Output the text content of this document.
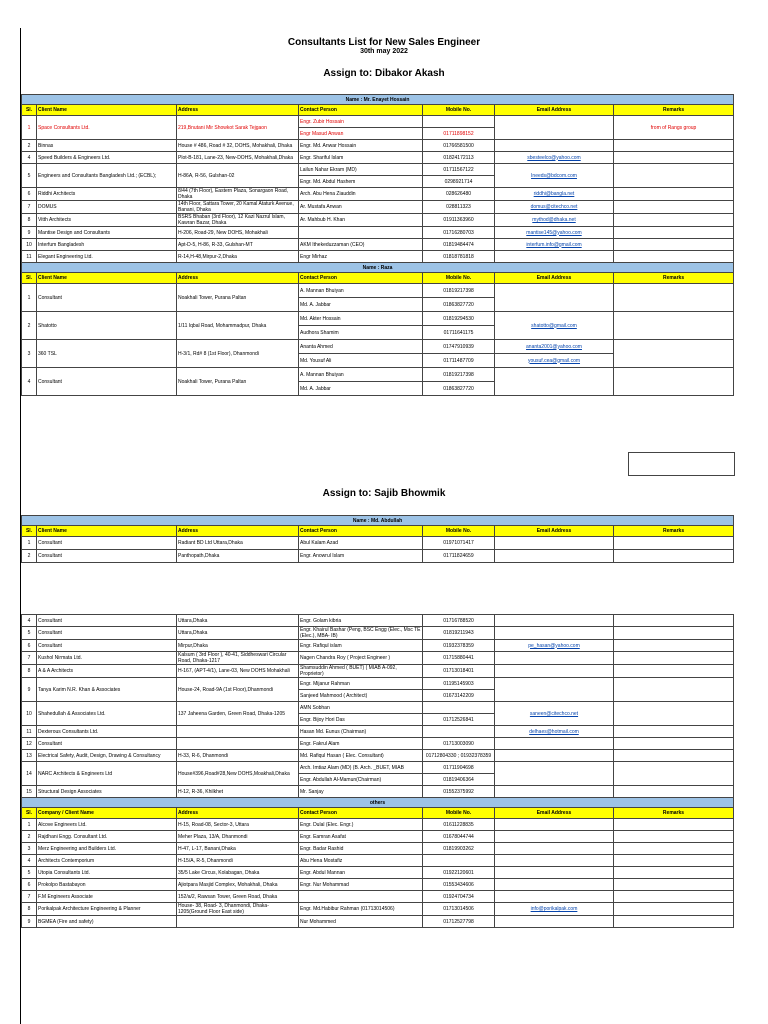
Consultants List for New Sales Engineer
30th may 2022
Assign to: Dibakor Akash
Name : Mr. Enayet Hossain						
Sl.	Client Name	Address	Contact Person	Mobile No.	Email Address	Remarks
1	Space Consultants Ltd.	219,Bnutani Mir Showkot Sarak Tejgaon	Engr. Zubir Hossain			from of Rangs group
			Engr Masud Anwan	01711898152		
2	Binnas	House # 486, Road # 32, DOHS, Mohakhali, Dhaka	Engr. Md. Anwar Hossain	01766581500		
4	Speed Builders & Engineers Ltd.	Plot-B-181, Lane-23, New-DOHS, Mohakhali,Dhaka	Engr. Shariful Islam	01824172113	sbesteelco@yahoo.com	
5	Engineers and Consultants Bangladesh Ltd.; (ECBL);	H-86A, R-56, Gulshan-02	Lailun Nahar Ekram (MD)	01711567122	Ineeds@bdcom.com	
			Engr. Md. Abdul Hashem	0298921714		
6	Riddhi Architects	8/44 (7th Floor), Eastern Plaza, Sonargaon Road, Dhaka	Arch. Abu Hena Ziauddin	028626480	riddhi@bangla.net	
7	DOMUS	14th Floor, Sattara Tower, 20 Kamal Ataturk Avenue, Banani, Dhaka	Ar. Mustafa Anwan	028811323	domus@citechco.net	
8	Vitth Architects	BSRS Bhaban (3rd Floor), 12 Kazi Nazrul Islam, Kawran Bazar, Dhaka	Ar. Mahbub H. Khan	01911363960	mythod@dhaka.net	
9	Mantise Design and Consultants	H-206, Road-29, New DOHS, Mohakhali		01716280703	mantise145@yahoo.com	
10	Interfum Bangladesh	Apt-D-5, H-86, R-33, Gulshan-MT	AKM Ithekeduzzaman (CEO)	01819484474	interfum.info@gmail.com	
11	Elegant Engineering Ltd.	R-14,H-48,Mirpur-2,Dhaka	Engr Mirhaz	01818781818		
Name : Raza						
Sl.	Client Name	Address	Contact Person	Mobile No.	Email Address	Remarks
1	Consultant	Noakhali Tower, Purana Paltan	A. Mannan Bhuiyan	01819217398		
			Md. A. Jabbar	01863827720		
2	Shatotto	1/11 Iqbal Road, Mohammadpur, Dhaka	Md. Akter Hossain	01819294530	shatotto@gmail.com	
			Audhora Shamim	01711641175		
3	360 TSL	H-3/1, Rd# 8 (1st Floor), Dhanmondi	Ananta Ahmed	01747910939	ananta2001@yahoo.com	
			Md. Yousuf Ali	01711487709	yousuf.cea@gmail.com	
4	Consultant	Noakhali Tower, Purana Paltan	A. Mannan Bhuiyan	01819217398		
			Md. A. Jabbar	01863827720		
Assign to: Sajib Bhowmik
Name : Md. Abdullah						
Sl.	Client Name	Address	Contact Person	Mobile No.	Email Address	Remarks
1	Consultant	Radiant BD Ltd Uttara,Dhaka	Abul Kalam Azad	01971071417		
2	Consultant	Panthopath,Dhaka	Engr. Anowrul Islam	01711824659		
4	Consultant	Uttara,Dhaka	Engr. Golam kibria	01716788520		
5	Consultant	Uttara,Dhaka	Engr. Khairul Bashar (Peng, BSC Engg (Elec., Msc TE (Elec.), MBA- IB)	01819211943		
6	Consultant	Mirpur,Dhaka	Engr. Rafiqul islam	01932378359	pe_hasan@yahoo.com	
7	Kushol Nirmata Ltd.	Kalsum ( 3rd Floor ), 40-41, Siddheswari Circular Road, Dhaka-1217	Nagen Chandra Roy ( Project Engineer )	01715880441		
8	A & A Architects	H-167, (APT-4/1), Lane-03, New DOHS Mohakhali	Shamsuddin Ahmed ( BUET) ( MIAB A-092, Proprietor)	01713018401		
9	Tanya Karim N.R. Khan & Associates	House-24, Road-9A (1st Floor),Dhanmondi	Engr. Mijanur Rahman	01195145903		
			Sanjeed Mahmood ( Architect)	01673142209		
10	Shahedullah & Associates Ltd.	137 Jaheena Garden, Green Road, Dhaka-1205	AMN Sobhan		saneen@citechco.net	
			Engr. Bijoy Hori Das	01712526841		
11	Dexterous Consultants Ltd.		Hasan Md. Eunus (Chairman)		delhaes@hotmail.com	
12	Consultant		Engr. Fakrul Alam	01713003090		
13	Electrical Safety, Audit, Design, Drawing & Consultancy	H-33, R-6, Dhanmondi	Md. Rafiqul Hasan ( Elec. Consultant)	01712804330 ; 01932378359		
14	NARC Architects & Engineers Ltd	House#396,Road#28,New DOHS,Moakhali,Dhaka	Arch. Imtiaz Alam (MD) (B. Arch. _BUET, MIAB	01711904698		
			Engr. Abdullah Al-Mamun(Chairman)	01819406364		
15	Structural Design Associates	H-12, R-36, Khilkhet	Mr. Sanjay	01552375992		
others						
Sl.	Company / Client Name	Address	Contact Person	Mobile No.	Email Address	Remarks
1	Alcove Engineers Ltd.	H-15, Road-08, Sector-3, Uttara	Engr. Dulal (Elec. Engr.)	01611228835		
2	Rajdhani Engg. Consultant Ltd.	Meher Plaza, 13/A, Dhanmondi	Engr. Eamran Asafat	01678044744		
3	Merz Engineering and Builders Ltd.	H-47, L-17, Banani,Dhaka	Engr. Badar Rashid	01819903262		
4	Architects Contemporium	H-15/A, R-5, Dhanmondi	Abu Hena Mostafiz			
5	Utopia Consultants Ltd.	35/5 Lake Circus, Kolabagan, Dhaka	Engr. Abdul Mannan	01922120601		
6	Prokolpo Bastabayon	Ajiotpara Masjid Complex, Mohakhali, Dhaka	Engr. Nur Mohammad	01553434606		
7	F.M Engineers Associate	152/a/2, Rawsan Tower, Green Road, Dhaka		01924704734		
8	Porikalpak Architecture Engineering & Planner	House- 38, Road- 3, Dhanmondi, Dhaka- 1205(Ground Floor East side)	Engr. Md.Habibur Rahman (01713014506)	01713014506	info@porikalpak.com	
9	BGMEA (Fire and safety)		Nur Mohammed	01712527798		
